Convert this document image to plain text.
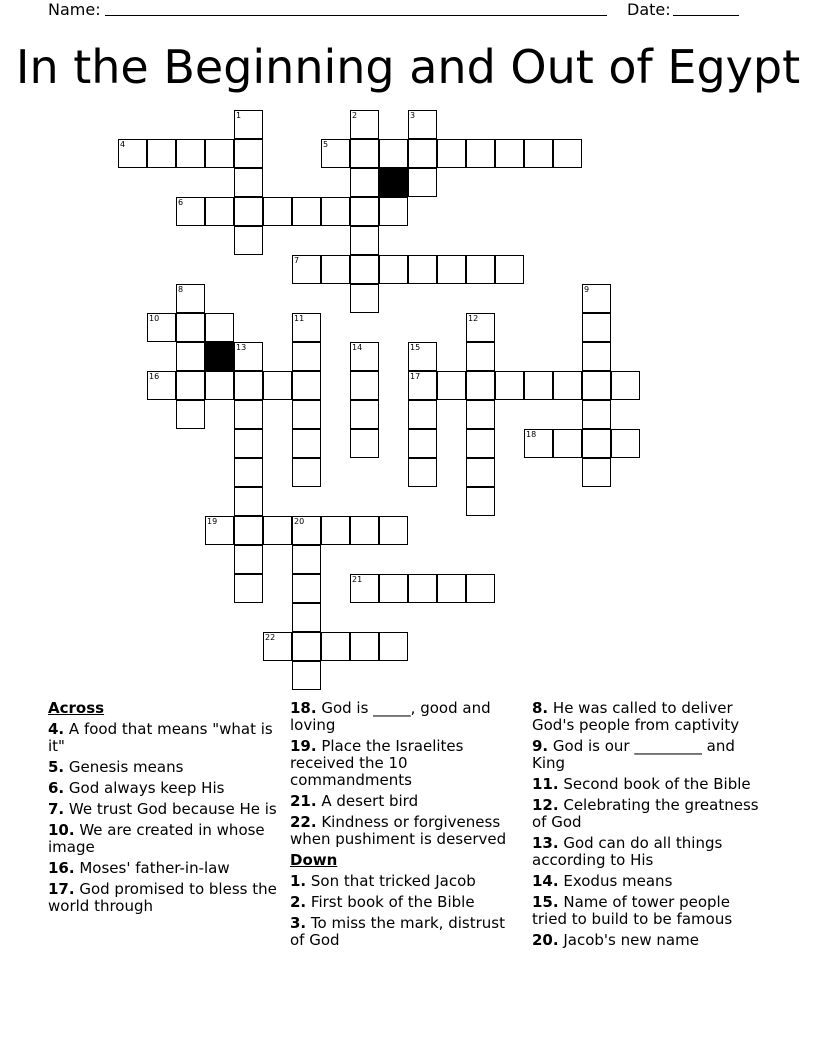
Name:	Date:
In the Beginning and Out of Egypt
1	2	3
4	5
6
7
8	9
10	11	12
13	14	15
16	17
18
19	20
21
22
Across
4. A food that means "what is it"
5. Genesis means
6. God always keep His
7. We trust God because He is
10. We are created in whose image
16. Moses' father-in-law
17. God promised to bless the world through
18. God is _____, good and loving
19. Place the Israelites received the 10 commandments
21. A desert bird
22. Kindness or forgiveness when pushiment is deserved
Down
1. Son that tricked Jacob
2. First book of the Bible
3. To miss the mark, distrust of God
8. He was called to deliver God's people from captivity
9. God is our _________ and King
11. Second book of the Bible
12. Celebrating the greatness of God
13. God can do all things according to His
14. Exodus means
15. Name of tower people tried to build to be famous
20. Jacob's new name
